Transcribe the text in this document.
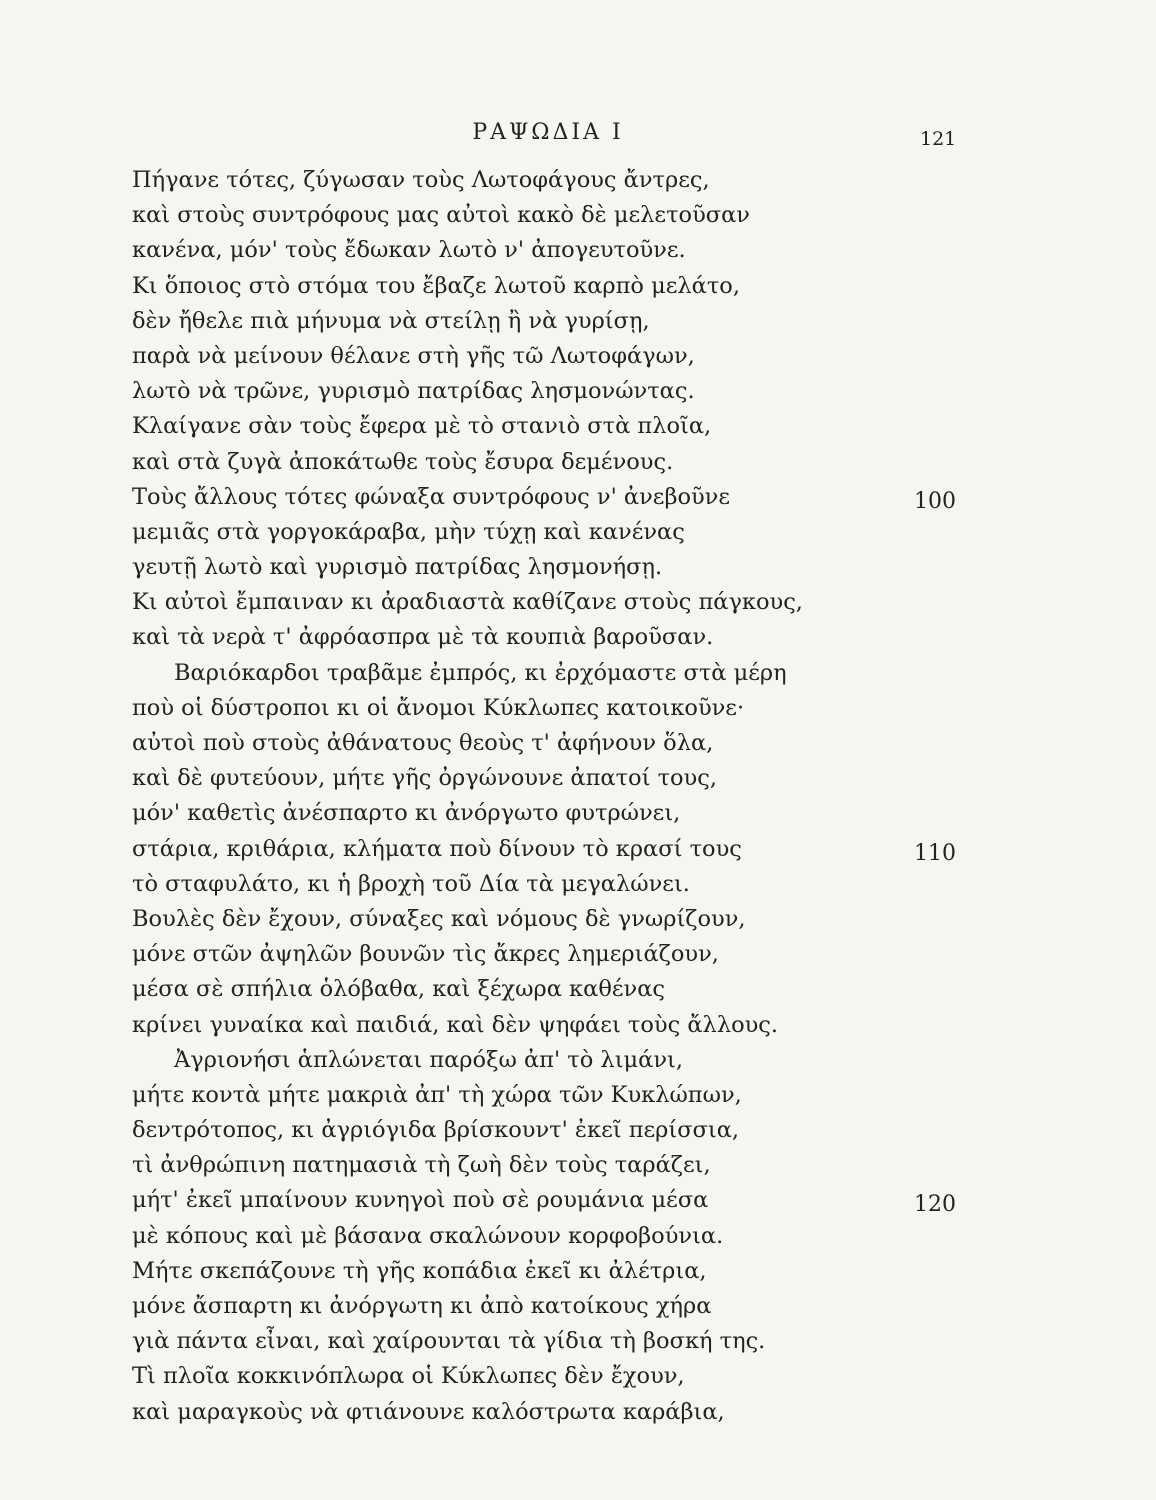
ΡΑΨΩΔΙΑ Ι	121
Πήγανε τότες, ζύγωσαν τοὺς Λωτοφάγους ἄντρες,
καὶ στοὺς συντρόφους μας αὐτοὶ κακὸ δὲ μελετοῦσαν
κανένα, μόν' τοὺς ἔδωκαν λωτὸ ν' ἀπογευτοῦνε.
Κι ὅποιος στὸ στόμα του ἔβαζε λωτοῦ καρπὸ μελάτο,
δὲν ἤθελε πιὰ μήνυμα νὰ στείλῃ ἢ νὰ γυρίσῃ,
παρὰ νὰ μείνουν θέλανε στὴ γῆς τῶ Λωτοφάγων,
λωτὸ νὰ τρῶνε, γυρισμὸ πατρίδας λησμονώντας.
Κλαίγανε σὰν τοὺς ἔφερα μὲ τὸ στανιὸ στὰ πλοῖα,
καὶ στὰ ζυγὰ ἀποκάτωθε τοὺς ἔσυρα δεμένους.
Τοὺς ἄλλους τότες φώναξα συντρόφους ν' ἀνεβοῦνε	100
μεμιᾶς στὰ γοργοκάραβα, μὴν τύχῃ καὶ κανένας
γευτῇ λωτὸ καὶ γυρισμὸ πατρίδας λησμονήσῃ.
Κι αὐτοὶ ἔμπαιναν κι ἀραδιαστὰ καθίζανε στοὺς πάγκους,
καὶ τὰ νερὰ τ' ἀφρόασπρα μὲ τὰ κουπιὰ βαροῦσαν.
Βαριόκαρδοι τραβᾶμε ἐμπρός, κι ἐρχόμαστε στὰ μέρη
ποὺ οἱ δύστροποι κι οἱ ἄνομοι Κύκλωπες κατοικοῦνε·
αὐτοὶ ποὺ στοὺς ἀθάνατους θεοὺς τ' ἀφήνουν ὅλα,
καὶ δὲ φυτεύουν, μήτε γῆς ὀργώνουνε ἀπατοί τους,
μόν' καθετὶς ἀνέσπαρτο κι ἀνόργωτο φυτρώνει,
στάρια, κριθάρια, κλήματα ποὺ δίνουν τὸ κρασί τους	110
τὸ σταφυλάτο, κι ἡ βροχὴ τοῦ Δία τὰ μεγαλώνει.
Βουλὲς δὲν ἔχουν, σύναξες καὶ νόμους δὲ γνωρίζουν,
μόνε στῶν ἀψηλῶν βουνῶν τὶς ἄκρες λημεριάζουν,
μέσα σὲ σπήλια ὁλόβαθα, καὶ ξέχωρα καθένας
κρίνει γυναίκα καὶ παιδιά, καὶ δὲν ψηφάει τοὺς ἄλλους.
Ἀγριονήσι ἁπλώνεται παρόξω ἀπ' τὸ λιμάνι,
μήτε κοντὰ μήτε μακριὰ ἀπ' τὴ χώρα τῶν Κυκλώπων,
δεντρότοπος, κι ἀγριόγιδα βρίσκουντ' ἐκεῖ περίσσια,
τὶ ἀνθρώπινη πατημασιὰ τὴ ζωὴ δὲν τοὺς ταράζει,
μήτ' ἐκεῖ μπαίνουν κυνηγοὶ ποὺ σὲ ρουμάνια μέσα	120
μὲ κόπους καὶ μὲ βάσανα σκαλώνουν κορφοβούνια.
Μήτε σκεπάζουνε τὴ γῆς κοπάδια ἐκεῖ κι ἀλέτρια,
μόνε ἄσπαρτη κι ἀνόργωτη κι ἀπὸ κατοίκους χήρα
γιὰ πάντα εἶναι, καὶ χαίρουνται τὰ γίδια τὴ βοσκή της.
Τὶ πλοῖα κοκκινόπλωρα οἱ Κύκλωπες δὲν ἔχουν,
καὶ μαραγκοὺς νὰ φτιάνουνε καλόστρωτα καράβια,
